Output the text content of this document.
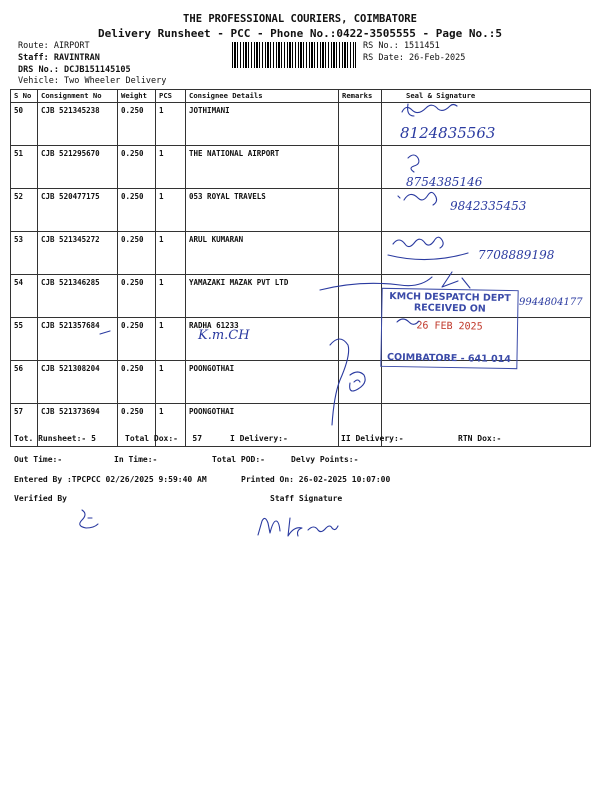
THE PROFESSIONAL COURIERS, COIMBATORE
Delivery Runsheet - PCC - Phone No.:0422-3505555 - Page No.:5
Route: AIRPORT
Staff: RAVINTRAN
DRS No.: DCJB151145105
Vehicle: Two Wheeler Delivery
RS No.: 1511451
RS Date: 26-Feb-2025
S No	Consignment No	Weight	PCS	Consignee Details	Remarks	Seal & Signature
50	CJB 521345238	0.250	1	JOTHIMANI		
51	CJB 521295670	0.250	1	THE NATIONAL AIRPORT		
52	CJB 520477175	0.250	1	053 ROYAL TRAVELS		
53	CJB 521345272	0.250	1	ARUL KUMARAN		
54	CJB 521346285	0.250	1	YAMAZAKI MAZAK PVT LTD		
55	CJB 521357684	0.250	1	RADHA 61233		
56	CJB 521308204	0.250	1	POONGOTHAI		
57	CJB 521373694	0.250	1	POONGOTHAI		
KMCH DESPATCH DEPT
RECEIVED ON
26 FEB 2025
COIMBATORE - 641 014
8124835563
8754385146
9842335453
7708889198
9944804177
K.m.CH
Tot. Runsheet:- 5	Total Dox:-   57	I Delivery:-	II Delivery:-	RTN Dox:-
Out Time:-	In Time:-	Total POD:-	Delvy Points:-
Entered By :TPCPCC 02/26/2025 9:59:40 AM	Printed On: 26-02-2025 10:07:00
Verified By	Staff Signature
